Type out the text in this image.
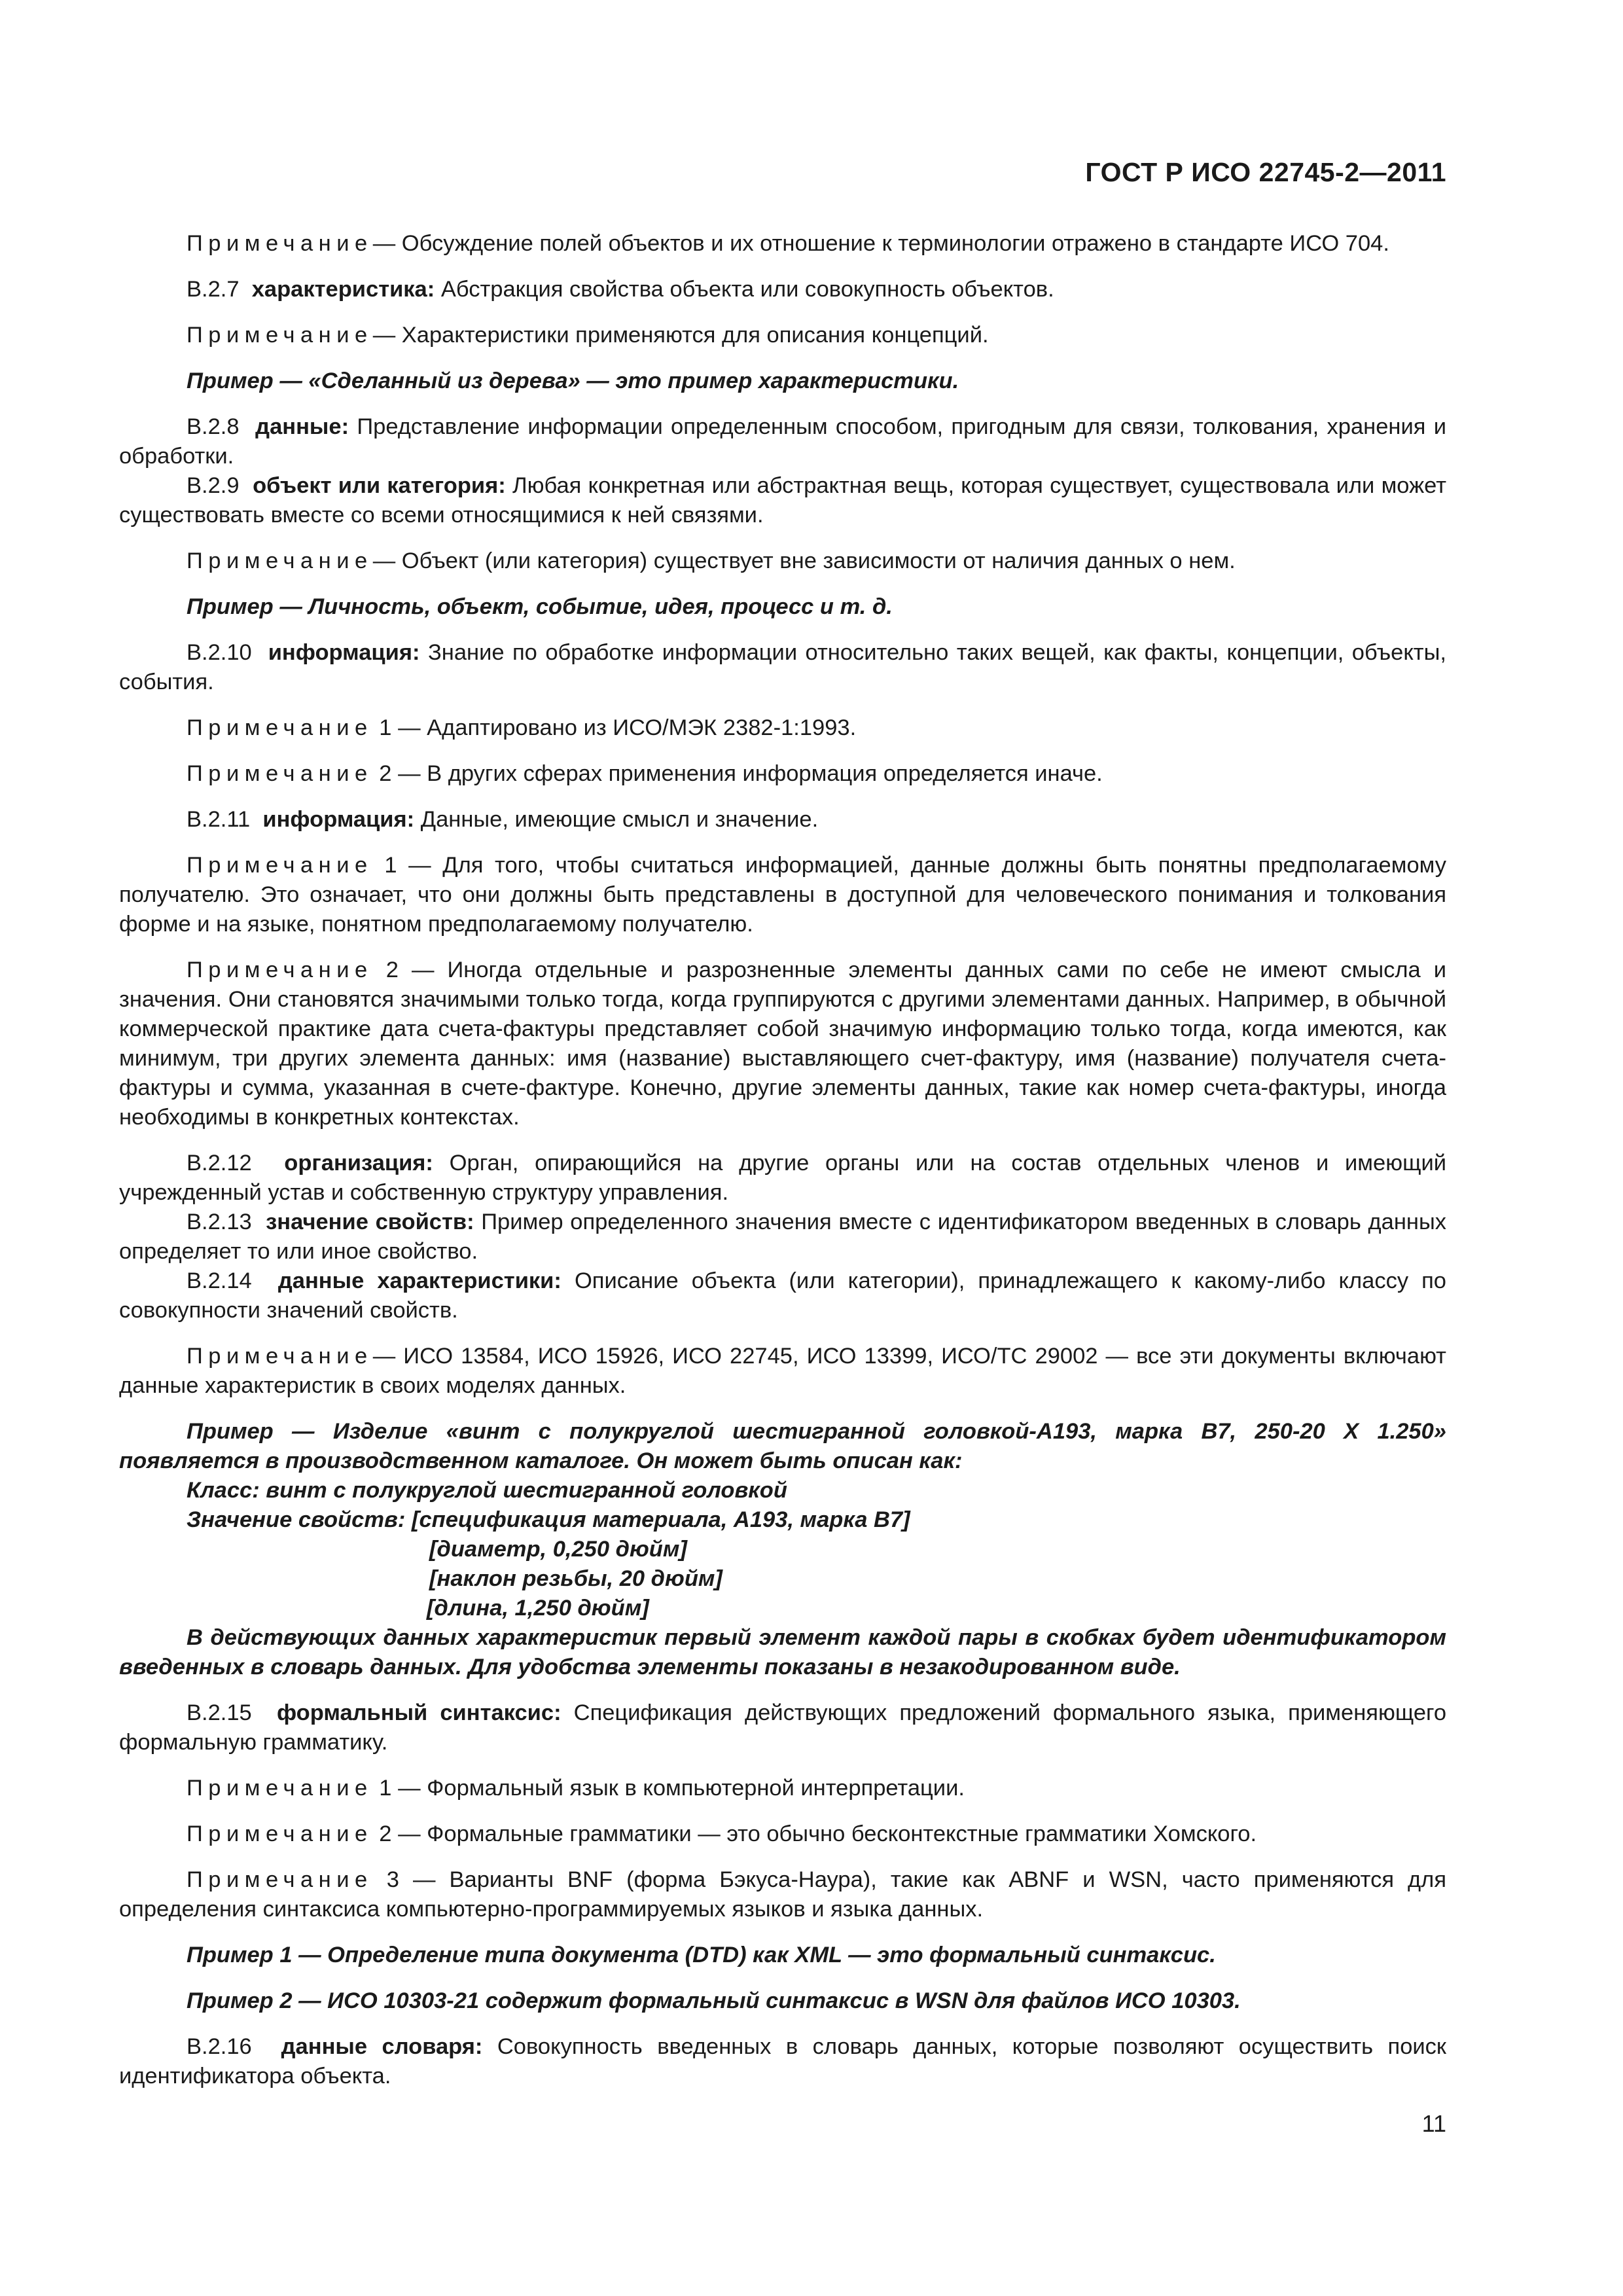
ГОСТ Р ИСО 22745-2—2011

Примечание— Обсуждение полей объектов и их отношение к терминологии отражено в стандарте ИСО 704.

B.2.7 характеристика: Абстракция свойства объекта или совокупность объектов.

Примечание— Характеристики применяются для описания концепций.

Пример — «Сделанный из дерева» — это пример характеристики.

B.2.8 данные: Представление информации определенным способом, пригодным для связи, толкования, хранения и обработки.

B.2.9 объект или категория: Любая конкретная или абстрактная вещь, которая существует, существовала или может существовать вместе со всеми относящимися к ней связями.

Примечание— Объект (или категория) существует вне зависимости от наличия данных о нем.

Пример — Личность, объект, событие, идея, процесс и т. д.

B.2.10 информация: Знание по обработке информации относительно таких вещей, как факты, концепции, объекты, события.

Примечание 1 — Адаптировано из ИСО/МЭК 2382-1:1993.

Примечание 2 — В других сферах применения информация определяется иначе.

B.2.11 информация: Данные, имеющие смысл и значение.

Примечание 1 — Для того, чтобы считаться информацией, данные должны быть понятны предполагаемому получателю. Это означает, что они должны быть представлены в доступной для человеческого понимания и толкования форме и на языке, понятном предполагаемому получателю.

Примечание 2 — Иногда отдельные и разрозненные элементы данных сами по себе не имеют смысла и значения. Они становятся значимыми только тогда, когда группируются с другими элементами данных. Например, в обычной коммерческой практике дата счета-фактуры представляет собой значимую информацию только тогда, когда имеются, как минимум, три других элемента данных: имя (название) выставляющего счет-фактуру, имя (название) получателя счета-фактуры и сумма, указанная в счете-фактуре. Конечно, другие элементы данных, такие как номер счета-фактуры, иногда необходимы в конкретных контекстах.

B.2.12 организация: Орган, опирающийся на другие органы или на состав отдельных членов и имеющий учрежденный устав и собственную структуру управления.

B.2.13 значение свойств: Пример определенного значения вместе с идентификатором введенных в словарь данных определяет то или иное свойство.

B.2.14 данные характеристики: Описание объекта (или категории), принадлежащего к какому-либо классу по совокупности значений свойств.

Примечание— ИСО 13584, ИСО 15926, ИСО 22745, ИСО 13399, ИСО/ТС 29002 — все эти документы включают данные характеристик в своих моделях данных.

Пример — Изделие «винт с полукруглой шестигранной головкой-A193, марка B7, 250-20 X 1.250»
появляется в производственном каталоге. Он может быть описан как:
Класс: винт с полукруглой шестигранной головкой
Значение свойств: [спецификация материала, A193, марка B7]
[диаметр, 0,250 дюйм]
[наклон резьбы, 20 дюйм]
[длина, 1,250 дюйм]

В действующих данных характеристик первый элемент каждой пары в скобках будет идентификатором введенных в словарь данных. Для удобства элементы показаны в незакодированном виде.

B.2.15 формальный синтаксис: Спецификация действующих предложений формального языка, применяющего формальную грамматику.

Примечание 1 — Формальный язык в компьютерной интерпретации.

Примечание 2 — Формальные грамматики — это обычно бесконтекстные грамматики Хомского.

Примечание 3 — Варианты BNF (форма Бэкуса-Наура), такие как ABNF и WSN, часто применяются для определения синтаксиса компьютерно-программируемых языков и языка данных.

Пример 1 — Определение типа документа (DTD) как XML — это формальный синтаксис.

Пример 2 — ИСО 10303-21 содержит формальный синтаксис в WSN для файлов ИСО 10303.

B.2.16 данные словаря: Совокупность введенных в словарь данных, которые позволяют осуществить поиск идентификатора объекта.

11
